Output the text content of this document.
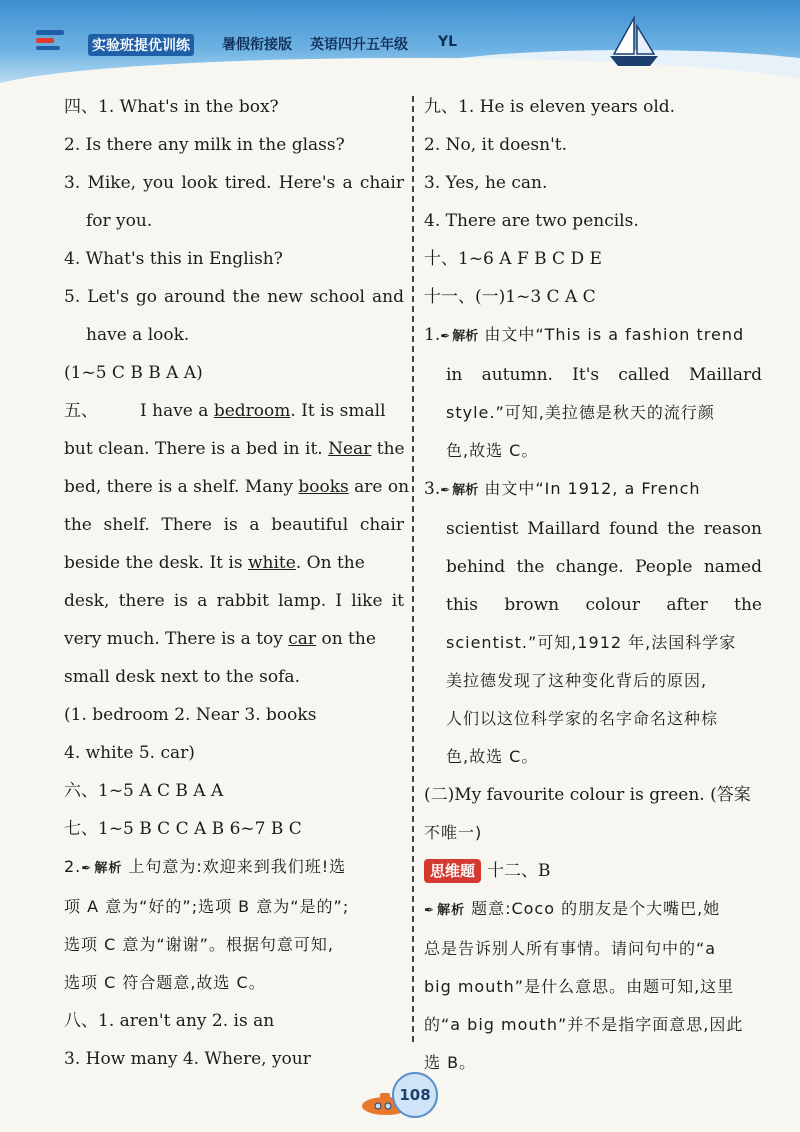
实验班提优训练 暑假衔接版 英语四升五年级 YL
四、1. What's in the box?
2. Is there any milk in the glass?
3. Mike, you look tired. Here's a chair
for you.
4. What's this in English?
5. Let's go around the new school and
have a look.
(1~5 C B B A A)
五、 I have a bedroom. It is small
but clean. There is a bed in it. Near the
bed, there is a shelf. Many books are on
the shelf. There is a beautiful chair
beside the desk. It is white. On the
desk, there is a rabbit lamp. I like it
very much. There is a toy car on the
small desk next to the sofa.
(1. bedroom 2. Near 3. books
4. white 5. car)
六、1~5 A C B A A
七、1~5 B C C A B 6~7 B C
2. ✒ 解析 上句意为:欢迎来到我们班!选
项 A 意为“好的”;选项 B 意为“是的”;
选项 C 意为“谢谢”。根据句意可知,
选项 C 符合题意,故选 C。
八、1. aren't any 2. is an
3. How many 4. Where, your
九、1. He is eleven years old.
2. No, it doesn't.
3. Yes, he can.
4. There are two pencils.
十、1~6 A F B C D E
十一、(一)1~3 C A C
1. ✒ 解析 由文中“This is a fashion trend
in autumn. It's called Maillard
style.”可知,美拉德是秋天的流行颜
色,故选 C。
3. ✒ 解析 由文中“In 1912, a French
scientist Maillard found the reason
behind the change. People named
this brown colour after the
scientist.”可知,1912 年,法国科学家
美拉德发现了这种变化背后的原因,
人们以这位科学家的名字命名这种棕
色,故选 C。
(二)My favourite colour is green. (答案
不唯一)
思维题 十二、B
✒ 解析 题意:Coco 的朋友是个大嘴巴,她
总是告诉别人所有事情。请问句中的“a
big mouth”是什么意思。由题可知,这里
的“a big mouth”并不是指字面意思,因此
选 B。
108
